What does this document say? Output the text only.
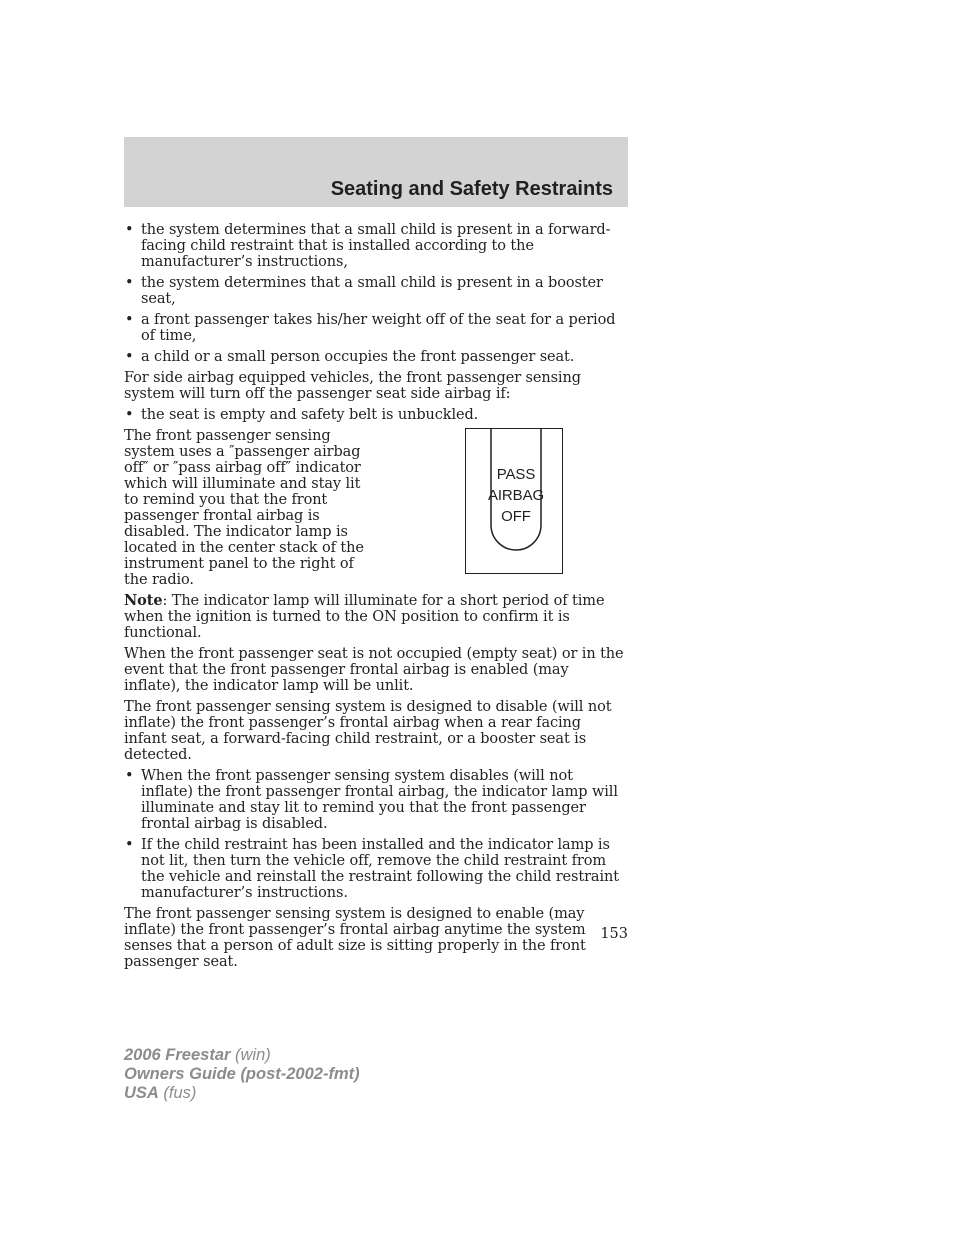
Seating and Safety Restraints
• the system determines that a small child is present in a forward-facing child restraint that is installed according to the manufacturer’s instructions,
• the system determines that a small child is present in a booster seat,
• a front passenger takes his/her weight off of the seat for a period of time,
• a child or a small person occupies the front passenger seat.

For side airbag equipped vehicles, the front passenger sensing system will turn off the passenger seat side airbag if:

• the seat is empty and safety belt is unbuckled.
PASS
AIRBAG
OFF

The front passenger sensing system uses a ″passenger airbag off″ or ″pass airbag off″ indicator which will illuminate and stay lit to remind you that the front passenger frontal airbag is disabled. The indicator lamp is located in the center stack of the instrument panel to the right of the radio.

Note: The indicator lamp will illuminate for a short period of time when the ignition is turned to the ON position to confirm it is functional.

When the front passenger seat is not occupied (empty seat) or in the event that the front passenger frontal airbag is enabled (may inflate), the indicator lamp will be unlit.

The front passenger sensing system is designed to disable (will not inflate) the front passenger’s frontal airbag when a rear facing infant seat, a forward-facing child restraint, or a booster seat is detected.

• When the front passenger sensing system disables (will not inflate) the front passenger frontal airbag, the indicator lamp will illuminate and stay lit to remind you that the front passenger frontal airbag is disabled.
• If the child restraint has been installed and the indicator lamp is not lit, then turn the vehicle off, remove the child restraint from the vehicle and reinstall the restraint following the child restraint manufacturer’s instructions.

The front passenger sensing system is designed to enable (may inflate) the front passenger’s frontal airbag anytime the system senses that a person of adult size is sitting properly in the front passenger seat.

153
2006 Freestar (win)
Owners Guide (post-2002-fmt)
USA (fus)
